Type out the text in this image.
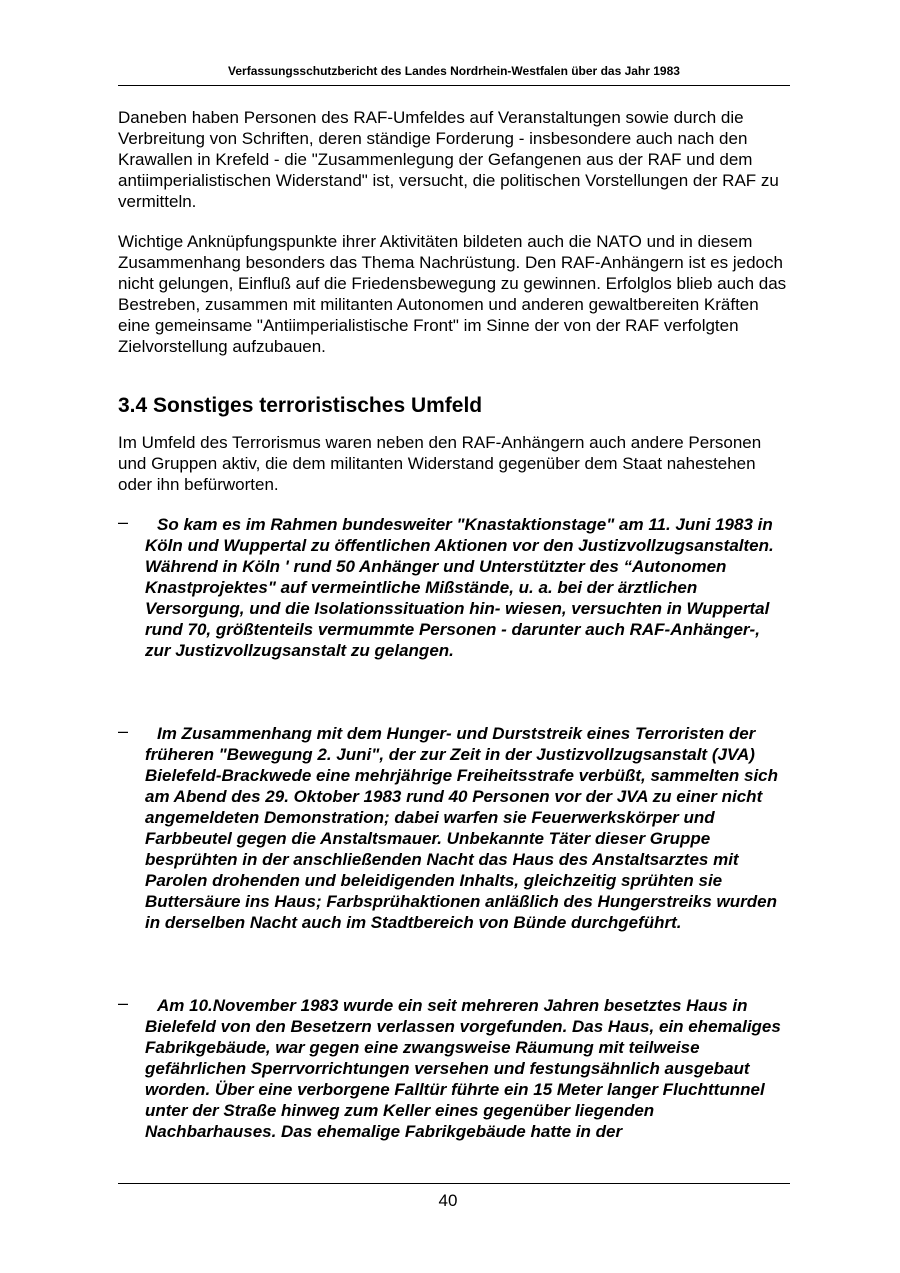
Verfassungsschutzbericht des Landes Nordrhein-Westfalen über das Jahr 1983

Daneben haben Personen des RAF-Umfeldes auf Veranstaltungen sowie durch die Verbreitung von Schriften, deren ständige Forderung - insbesondere auch nach den Krawallen in Krefeld - die "Zusammenlegung der Gefangenen aus der RAF und dem antiimperialistischen Widerstand" ist, versucht, die politischen Vorstellungen der RAF zu vermitteln.

Wichtige Anknüpfungspunkte ihrer Aktivitäten bildeten auch die NATO und in diesem Zusammenhang besonders das Thema Nachrüstung. Den RAF-Anhängern ist es jedoch nicht gelungen, Einfluß auf die Friedensbewegung zu gewinnen. Erfolglos blieb auch das Bestreben, zusammen mit militanten Autonomen und anderen gewaltbereiten Kräften eine gemeinsame "Antiimperialistische Front" im Sinne der von der RAF verfolgten Zielvorstellung aufzubauen.

3.4 Sonstiges terroristisches Umfeld

Im Umfeld des Terrorismus waren neben den RAF-Anhängern auch andere Personen und Gruppen aktiv, die dem militanten Widerstand gegenüber dem Staat nahestehen oder ihn befürworten.

–	So kam es im Rahmen bundesweiter "Knastaktionstage" am 11. Juni 1983 in Köln und Wuppertal zu öffentlichen Aktionen vor den Justizvollzugsanstalten. Während in Köln ' rund 50 Anhänger und Unterstützter des “Autonomen Knastprojektes" auf vermeintliche Mißstände, u. a. bei der ärztlichen Versorgung, und die Isolationssituation hin- wiesen, versuchten in Wuppertal rund 70, größtenteils vermummte Personen - darunter auch RAF-Anhänger-, zur Justizvollzugsanstalt zu gelangen.

–	Im Zusammenhang mit dem Hunger- und Durststreik eines Terroristen der früheren "Bewegung 2. Juni", der zur Zeit in der Justizvollzugsanstalt (JVA) Bielefeld-Brackwede eine mehrjährige Freiheitsstrafe verbüßt, sammelten sich am Abend des 29. Oktober 1983 rund 40 Personen vor der JVA zu einer nicht angemeldeten Demonstration; dabei warfen sie Feuerwerkskörper und Farbbeutel gegen die Anstaltsmauer. Unbekannte Täter dieser Gruppe besprühten in der anschließenden Nacht das Haus des Anstaltsarztes mit Parolen drohenden und beleidigenden Inhalts, gleichzeitig sprühten sie Buttersäure ins Haus; Farbsprühaktionen anläßlich des Hungerstreiks wurden in derselben Nacht auch im Stadtbereich von Bünde durchgeführt.

–	Am 10.November 1983 wurde ein seit mehreren Jahren besetztes Haus in Bielefeld von den Besetzern verlassen vorgefunden. Das Haus, ein ehemaliges Fabrikgebäude, war gegen eine zwangsweise Räumung mit teilweise gefährlichen Sperrvorrichtungen versehen und festungsähnlich ausgebaut worden. Über eine verborgene Falltür führte ein 15 Meter langer Fluchttunnel unter der Straße hinweg zum Keller eines gegenüber liegenden Nachbarhauses. Das ehemalige Fabrikgebäude hatte in der

40
